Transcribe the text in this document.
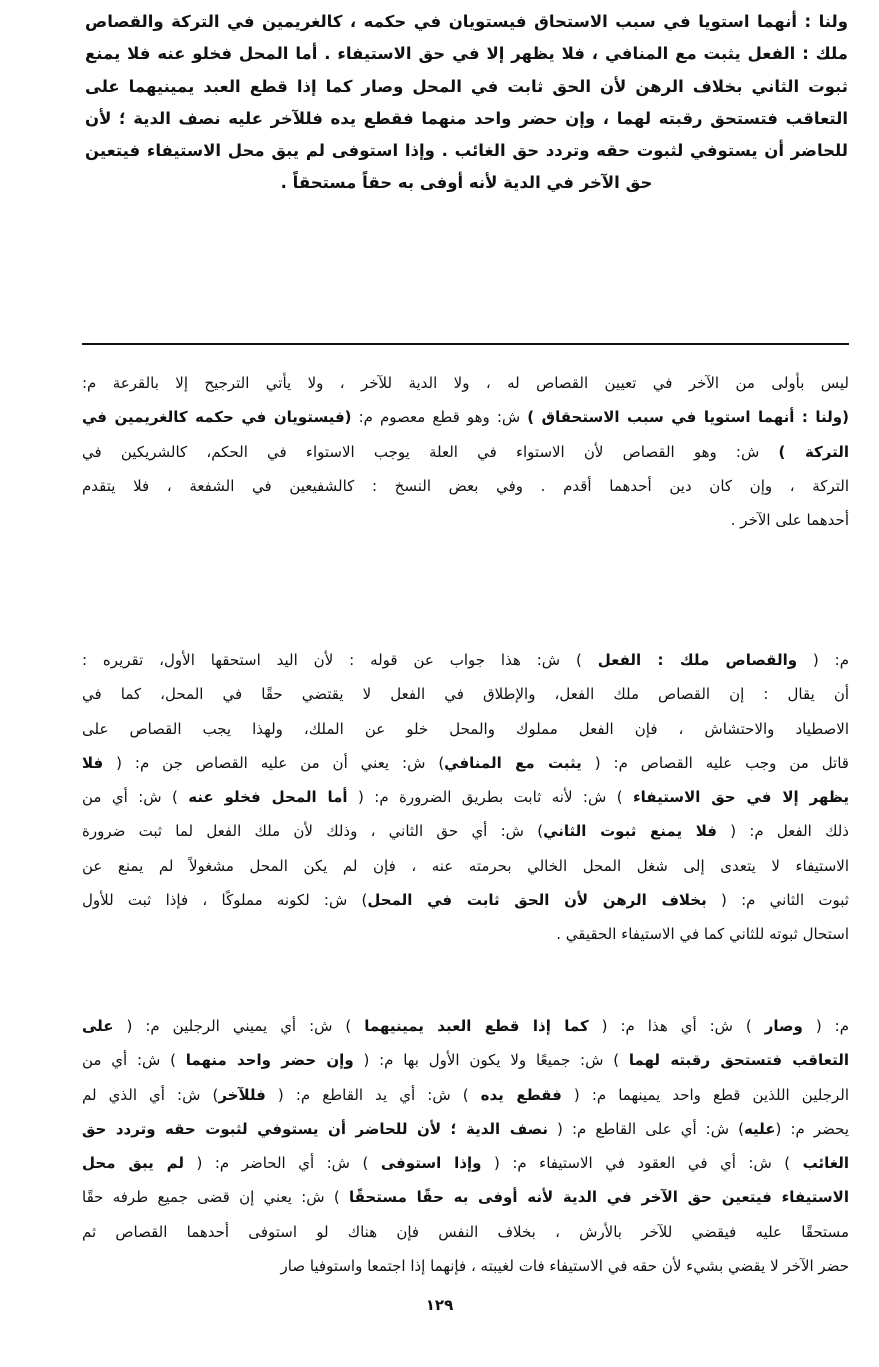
ولنا : أنهما استويا في سبب الاستحاق فيستويان في حكمه ، كالغريمين في التركة والقصاص
ملك : الفعل يثبت مع المنافي ، فلا يظهر إلا في حق الاستيفاء . أما المحل فخلو عنه فلا يمنع
ثبوت الثاني بخلاف الرهن لأن الحق ثابت في المحل وصار كما إذا قطع العبد يمينيهما على
التعاقب فتستحق رقبته لهما ، وإن حضر واحد منهما فقطع يده فللآخر عليه نصف الدية ؛ لأن
للحاضر أن يستوفي لثبوت حقه وتردد حق الغائب . وإذا استوفى لم يبق محل الاستيفاء فيتعين
حق الآخر في الدية لأنه أوفى به حقاً مستحقاً .
ليس بأولى من الآخر في تعيين القصاص له ، ولا الدية للآخر ، ولا يأتي الترجيح إلا بالقرعة م:
(ولنا : أنهما استويا في سبب الاستحقاق ) ش: وهو قطع معصوم م: (فيستويان في حكمه كالغريمين في
التركة ) ش: وهو القصاص لأن الاستواء في العلة يوجب الاستواء في الحكم، كالشريكين في
التركة ، وإن كان دين أحدهما أقدم . وفي بعض النسخ : كالشفيعين في الشفعة ، فلا يتقدم
أحدهما على الآخر .
م: ( والقصاص ملك : الفعل ) ش: هذا جواب عن قوله : لأن اليد استحقها الأول، تقريره :
أن يقال : إن القصاص ملك الفعل، والإطلاق في الفعل لا يقتضي حقًا في المحل، كما في
الاصطياد والاحتشاش ، فإن الفعل مملوك والمحل خلو عن الملك، ولهذا يجب القصاص على
قاتل من وجب عليه القصاص م: ( يثبت مع المنافي) ش: يعني أن من عليه القصاص جن م: ( فلا
يظهر إلا في حق الاستيفاء ) ش: لأنه ثابت بطريق الضرورة م: ( أما المحل فخلو عنه ) ش: أي من
ذلك الفعل م: ( فلا يمنع ثبوت الثاني) ش: أي حق الثاني ، وذلك لأن ملك الفعل لما ثبت ضرورة
الاستيفاء لا يتعدى إلى شغل المحل الخالي بحرمته عنه ، فإن لم يكن المحل مشغولاً لم يمنع عن
ثبوت الثاني م: ( بخلاف الرهن لأن الحق ثابت في المحل) ش: لكونه مملوكًا ، فإذا ثبت للأول
استحال ثبوته للثاني كما في الاستيفاء الحقيقي .
م: ( وصار ) ش: أي هذا م: ( كما إذا قطع العبد يمينيهما ) ش: أي يميني الرجلين م: ( على
التعاقب فتستحق رقبته لهما ) ش: جميعًا ولا يكون الأول بها م: ( وإن حضر واحد منهما ) ش: أي من
الرجلين اللذين قطع واحد يمينهما م: ( فقطع يده ) ش: أي يد القاطع م: ( فللآخر) ش: أي الذي لم
يحضر م: (عليه) ش: أي على القاطع م: ( نصف الدية ؛ لأن للحاضر أن يستوفي لثبوت حقه وتردد حق
الغائب ) ش: أي في العقود في الاستيفاء م: ( وإذا استوفى ) ش: أي الحاضر م: ( لم يبق محل
الاستيفاء فيتعين حق الآخر في الدية لأنه أوفى به حقًا مستحقًا ) ش: يعني إن قضى جميع طرفه حقًا
مستحقًا عليه فيقضي للآخر بالأرش ، بخلاف النفس فإن هناك لو استوفى أحدهما القصاص ثم
حضر الآخر لا يقضي بشيء لأن حقه في الاستيفاء فات لغيبته ، فإنهما إذا اجتمعا واستوفيا صار
١٢٩
